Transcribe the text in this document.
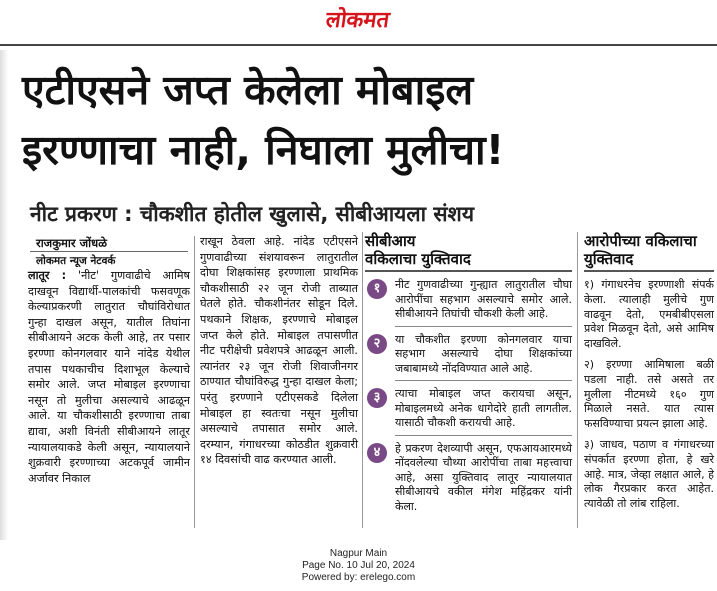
लोकमत
एटीएसने जप्त केलेला मोबाइल
इरण्णाचा नाही, निघाला मुलीचा!
नीट प्रकरण : चौकशीत होतील खुलासे, सीबीआयला संशय
राजकुमार जोंधळे
लोकमत न्यूज नेटवर्क

लातूर : 'नीट' गुणवाढीचे आमिष दाखवून विद्यार्थी-पालकांची फसवणूक केल्याप्रकरणी लातुरात चौघांविरोधात गुन्हा दाखल असून, यातील तिघांना सीबीआयने अटक केली आहे, तर पसार इरण्णा कोनगलवार याने नांदेड येथील तपास पथकाचीच दिशाभूल केल्याचे समोर आले. जप्त मोबाइल इरण्णाचा नसून तो मुलीचा असल्याचे आढळून आले. या चौकशीसाठी इरण्णाचा ताबा द्यावा, अशी विनंती सीबीआयने लातूर न्यायालयाकडे केली असून, न्यायालयाने शुक्रवारी इरण्णाच्या अटकपूर्व जामीन अर्जावर निकाल

राखून ठेवला आहे. नांदेड एटीएसने गुणवाढीच्या संशयावरून लातुरातील दोघा शिक्षकांसह इरण्णाला प्राथमिक चौकशीसाठी २२ जून रोजी ताब्यात घेतले होते. चौकशीनंतर सोडून दिले. पथकाने शिक्षक, इरण्णाचे मोबाइल जप्त केले होते. मोबाइल तपासणीत नीट परीक्षेची प्रवेशपत्रे आढळून आली. त्यानंतर २३ जून रोजी शिवाजीनगर ठाण्यात चौघांविरुद्ध गुन्हा दाखल केला; परंतु इरण्णाने एटीएसकडे दिलेला मोबाइल हा स्वतःचा नसून मुलीचा असल्याचे तपासात समोर आले. दरम्यान, गंगाधरच्या कोठडीत शुक्रवारी १४ दिवसांची वाढ करण्यात आली.

सीबीआय
वकिलाचा युक्तिवाद
१	नीट गुणवाढीच्या गुन्ह्यात लातुरातील चौघा आरोपींचा सहभाग असल्याचे समोर आले. सीबीआयने तिघांची चौकशी केली आहे.
२	या चौकशीत इरण्णा कोनगलवार याचा सहभाग असल्याचे दोघा शिक्षकांच्या जबाबामध्ये नोंदविण्यात आले आहे.
३	त्याचा मोबाइल जप्त करायचा असून, मोबाइलमध्ये अनेक धागेदोरे हाती लागतील. यासाठी चौकशी करायची आहे.
४	हे प्रकरण देशव्यापी असून, एफआयआरमध्ये नोंदवलेल्या चौथ्या आरोपींचा ताबा महत्त्वाचा आहे, असा युक्तिवाद लातूर न्यायालयात सीबीआयचे वकील मंगेश महिंद्रकर यांनी केला.
आरोपीच्या वकिलाचा
युक्तिवाद
१) गंगाधरनेच इरण्णाशी संपर्क केला. त्यालाही मुलीचे गुण वाढवून देतो, एमबीबीएसला प्रवेश मिळवून देतो, असे आमिष दाखविले.
२) इरण्णा आमिषाला बळी पडला नाही. तसे असते तर मुलीला नीटमध्ये १६० गुण मिळाले नसते. यात त्यास फसविण्याचा प्रयत्न झाला आहे.
३) जाधव, पठाण व गंगाधरच्या संपर्कात इरण्णा होता, हे खरे आहे. मात्र, जेव्हा लक्षात आले, हे लोक गैरप्रकार करत आहेत. त्यावेळी तो लांब राहिला.
Nagpur Main
Page No. 10 Jul 20, 2024
Powered by: erelego.com
